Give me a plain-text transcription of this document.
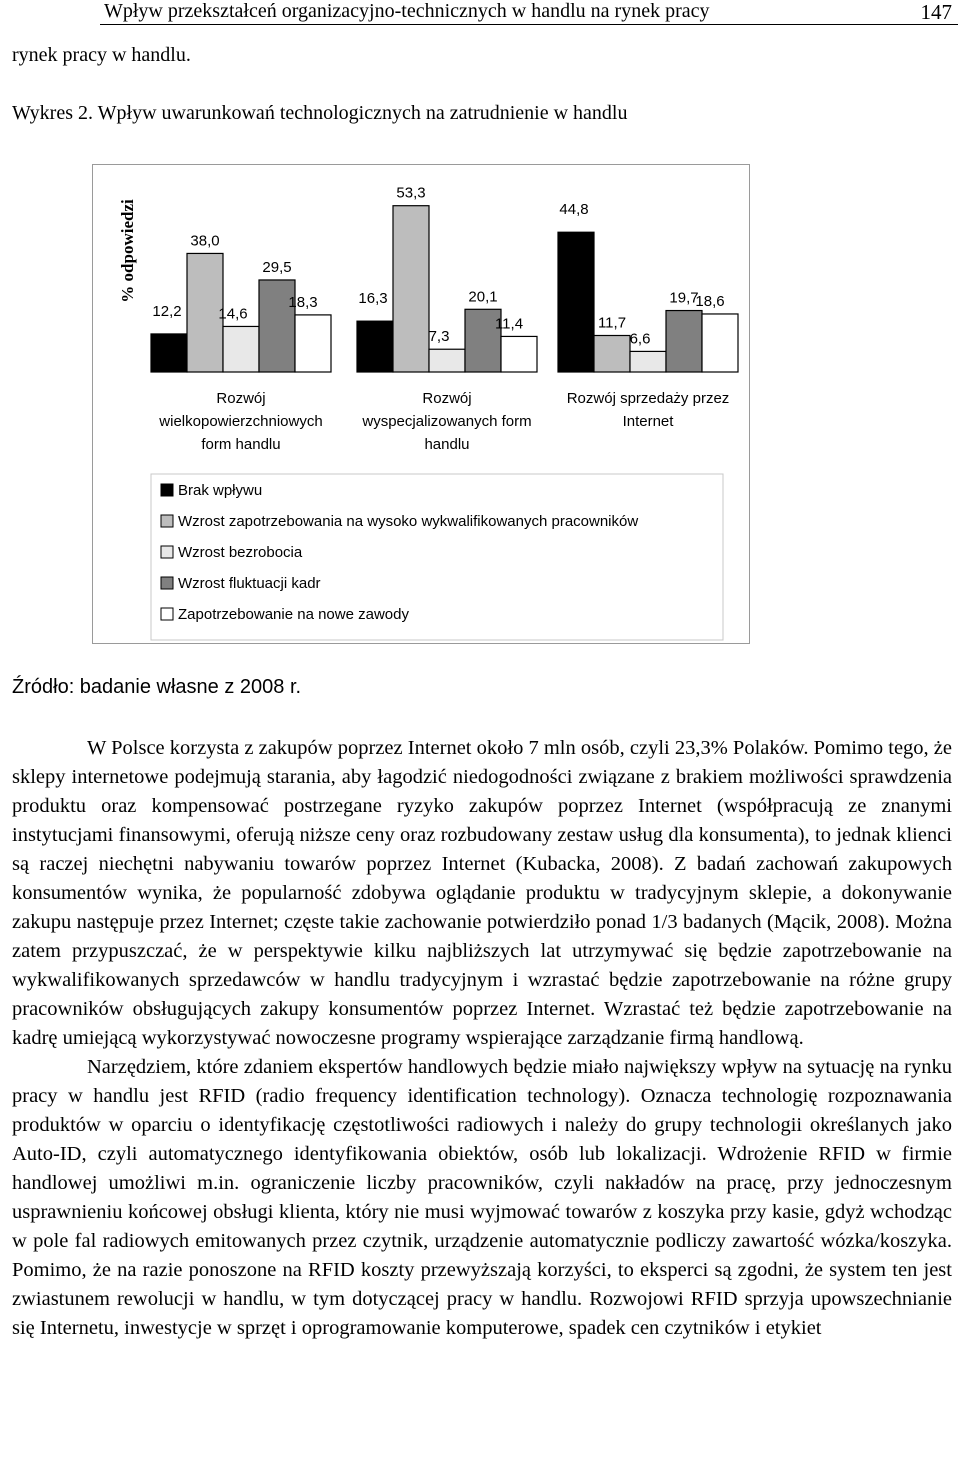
Wpływ przekształceń organizacyjno-technicznych w handlu na rynek pracy	147
rynek pracy w handlu.
Wykres 2. Wpływ uwarunkowań technologicznych na zatrudnienie w handlu
% odpowiedzi
12,2
16,3
44,8
38,0
53,3
11,7
14,6
7,3	6,6
29,5
20,1	19,7
18,3
11,4
18,6
Rozwój
wielkopowierzchniowych
form handlu
Rozwój
wyspecjalizowanych form
handlu
Rozwój sprzedaży przez
Internet
Brak wpływu
Wzrost zapotrzebowania na wysoko wykwalifikowanych pracowników
Wzrost bezrobocia
Wzrost fluktuacji kadr
Zapotrzebowanie na nowe zawody
Źródło: badanie własne z 2008 r.

W Polsce korzysta z zakupów poprzez Internet około 7 mln osób, czyli 23,3% Polaków. Pomimo tego, że sklepy internetowe podejmują starania, aby łagodzić niedogodności związane z brakiem możliwości sprawdzenia produktu oraz kompensować postrzegane ryzyko zakupów poprzez Internet (współpracują ze znanymi instytucjami finansowymi, oferują niższe ceny oraz rozbudowany zestaw usług dla konsumenta), to jednak klienci są raczej niechętni nabywaniu towarów poprzez Internet (Kubacka, 2008). Z badań zachowań zakupowych konsumentów wynika, że popularność zdobywa oglądanie produktu w tradycyjnym sklepie, a dokonywanie zakupu następuje przez Internet; częste takie zachowanie potwierdziło ponad 1/3 badanych (Mącik, 2008). Można zatem przypuszczać, że w perspektywie kilku najbliższych lat utrzymywać się będzie zapotrzebowanie na wykwalifikowanych sprzedawców w handlu tradycyjnym i wzrastać będzie zapotrzebowanie na różne grupy pracowników obsługujących zakupy konsumentów poprzez Internet. Wzrastać też będzie zapotrzebowanie na kadrę umiejącą wykorzystywać nowoczesne programy wspierające zarządzanie firmą handlową.

Narzędziem, które zdaniem ekspertów handlowych będzie miało największy wpływ na sytuację na rynku pracy w handlu jest RFID (radio frequency identification technology). Oznacza technologię rozpoznawania produktów w oparciu o identyfikację częstotliwości radiowych i należy do grupy technologii określanych jako Auto-ID, czyli automatycznego identyfikowania obiektów, osób lub lokalizacji. Wdrożenie RFID w firmie handlowej umożliwi m.in. ograniczenie liczby pracowników, czyli nakładów na pracę, przy jednoczesnym usprawnieniu końcowej obsługi klienta, który nie musi wyjmować towarów z koszyka przy kasie, gdyż wchodząc w pole fal radiowych emitowanych przez czytnik, urządzenie automatycznie podliczy zawartość wózka/koszyka. Pomimo, że na razie ponoszone na RFID koszty przewyższają korzyści, to eksperci są zgodni, że system ten jest zwiastunem rewolucji w handlu, w tym dotyczącej pracy w handlu. Rozwojowi RFID sprzyja upowszechnianie się Internetu, inwestycje w sprzęt i oprogramowanie komputerowe, spadek cen czytników i etykiet
